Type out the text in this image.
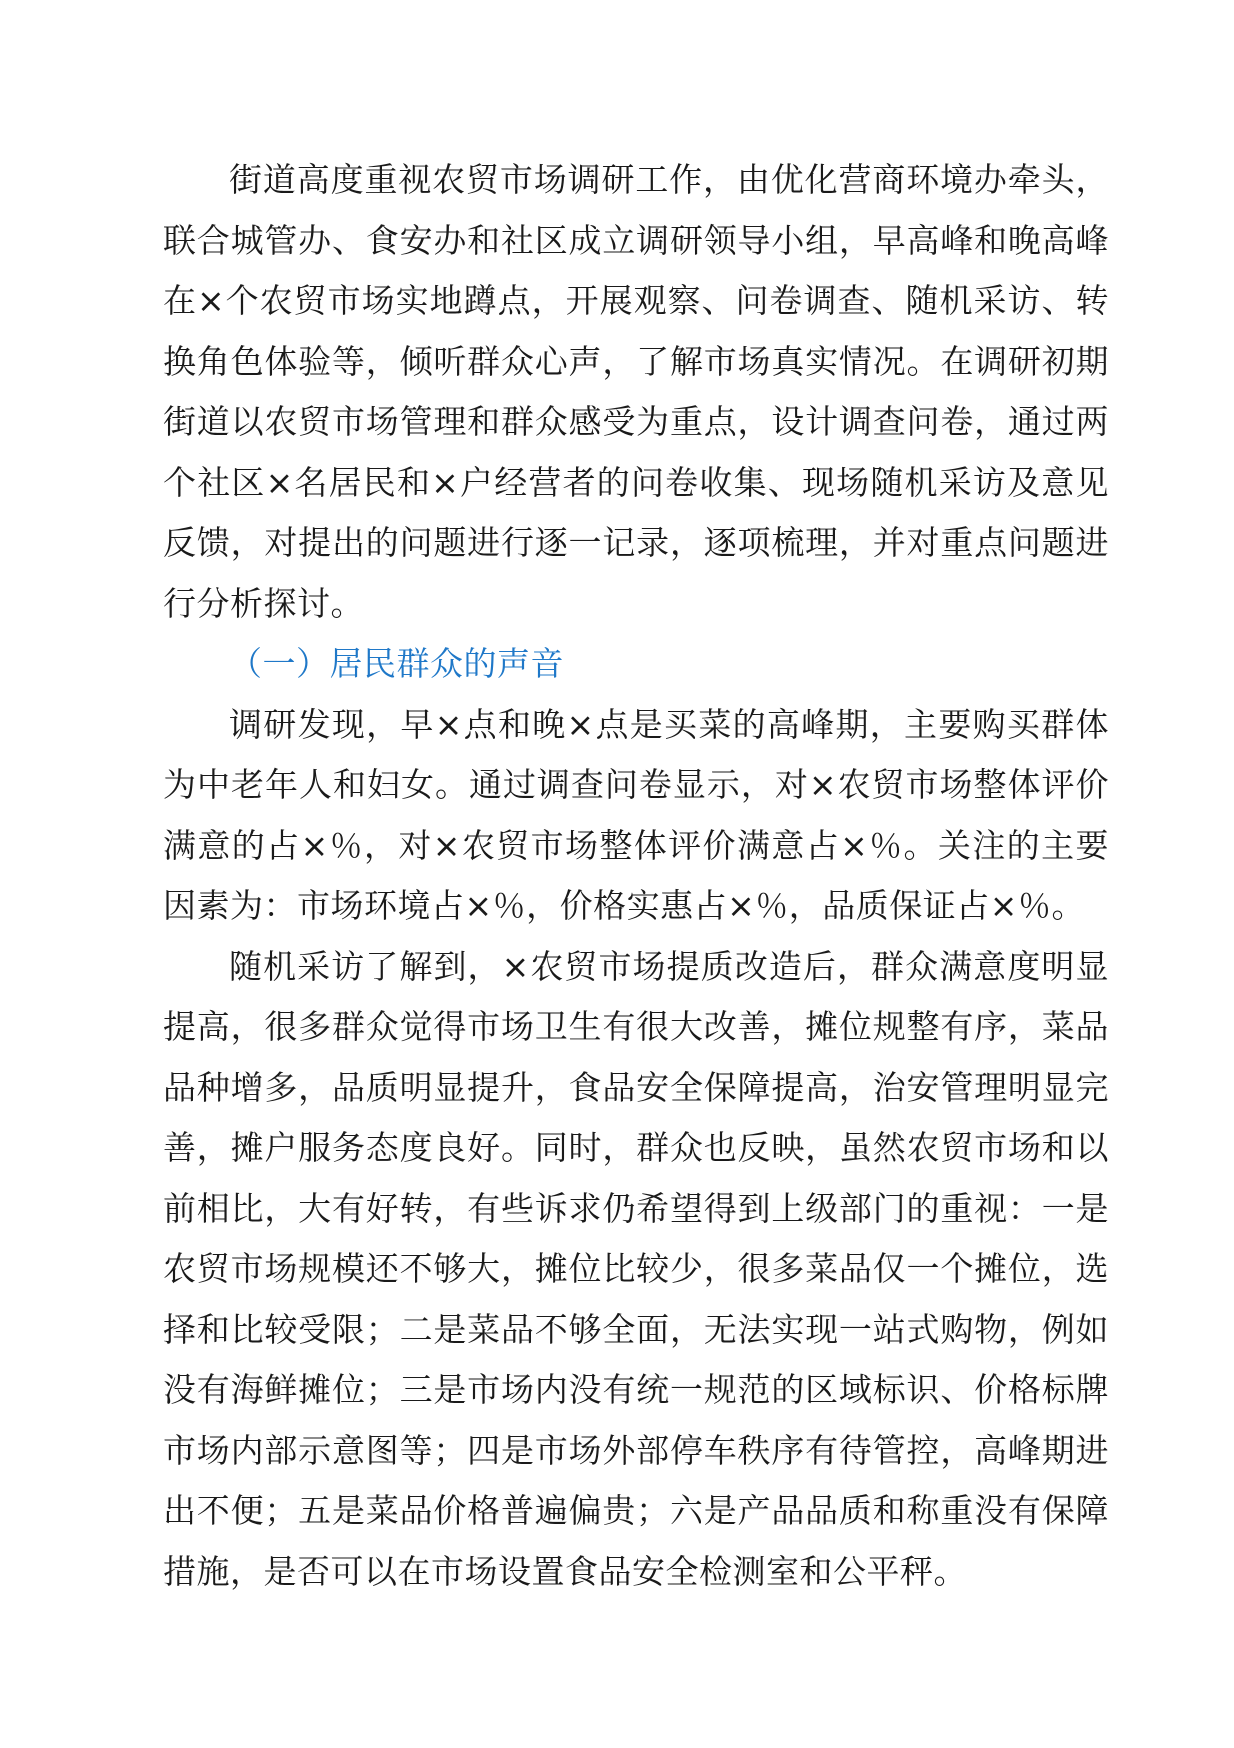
街道高度重视农贸市场调研工作，由优化营商环境办牵头，联合城管办、食安办和社区成立调研领导小组，早高峰和晚高峰在×个农贸市场实地蹲点，开展观察、问卷调查、随机采访、转换角色体验等，倾听群众心声，了解市场真实情况。在调研初期街道以农贸市场管理和群众感受为重点，设计调查问卷，通过两个社区×名居民和×户经营者的问卷收集、现场随机采访及意见反馈，对提出的问题进行逐一记录，逐项梳理，并对重点问题进行分析探讨。

（一）居民群众的声音

调研发现，早×点和晚×点是买菜的高峰期，主要购买群体为中老年人和妇女。通过调查问卷显示，对×农贸市场整体评价满意的占×％，对×农贸市场整体评价满意占×％。关注的主要因素为：市场环境占×％，价格实惠占×％，品质保证占×％。

随机采访了解到，×农贸市场提质改造后，群众满意度明显提高，很多群众觉得市场卫生有很大改善，摊位规整有序，菜品品种增多，品质明显提升，食品安全保障提高，治安管理明显完善，摊户服务态度良好。同时，群众也反映，虽然农贸市场和以前相比，大有好转，有些诉求仍希望得到上级部门的重视：一是农贸市场规模还不够大，摊位比较少，很多菜品仅一个摊位，选择和比较受限；二是菜品不够全面，无法实现一站式购物，例如没有海鲜摊位；三是市场内没有统一规范的区域标识、价格标牌市场内部示意图等；四是市场外部停车秩序有待管控，高峰期进出不便；五是菜品价格普遍偏贵；六是产品品质和称重没有保障措施，是否可以在市场设置食品安全检测室和公平秤。
